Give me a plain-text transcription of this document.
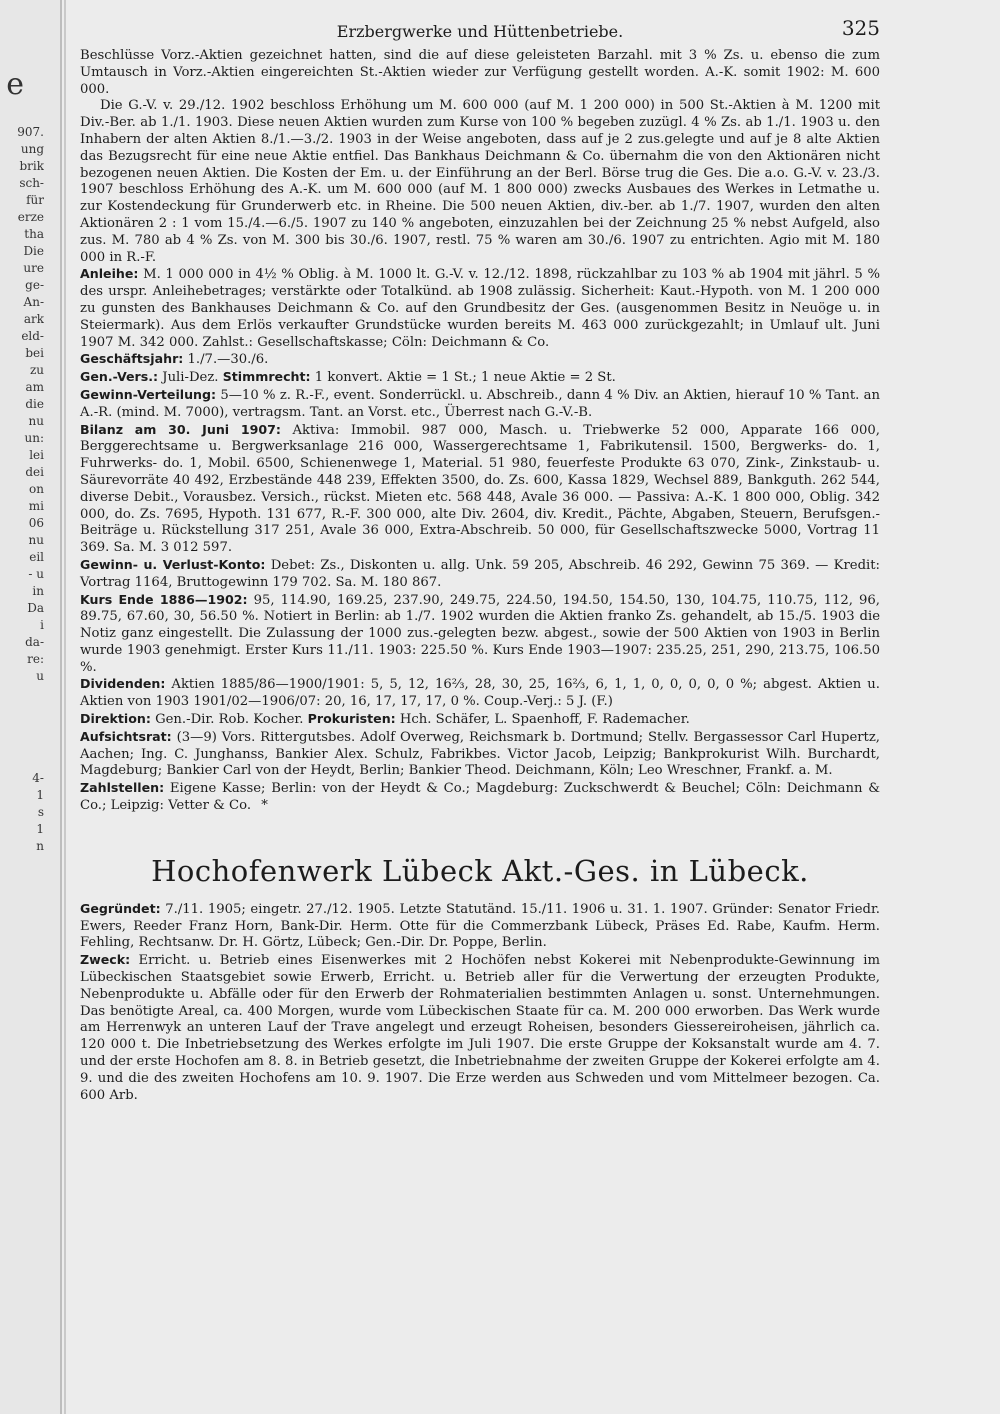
e
907.
ung
brik
sch-
für
erze
tha
Die
ure
ge-
An-
ark
eld-
bei
zu
am
die
nu
un:
lei
dei
on
mi
06
nu
eil
- u
in
Da
i
da-
re:
u
4-
1
s
1
n
Erzbergwerke und Hüttenbetriebe.	325

Beschlüsse Vorz.-Aktien gezeichnet hatten, sind die auf diese geleisteten Barzahl. mit 3 % Zs. u. ebenso die zum Umtausch in Vorz.-Aktien eingereichten St.-Aktien wieder zur Verfügung gestellt worden. A.-K. somit 1902: M. 600 000.

Die G.-V. v. 29./12. 1902 beschloss Erhöhung um M. 600 000 (auf M. 1 200 000) in 500 St.-Aktien à M. 1200 mit Div.-Ber. ab 1./1. 1903. Diese neuen Aktien wurden zum Kurse von 100 % begeben zuzügl. 4 % Zs. ab 1./1. 1903 u. den Inhabern der alten Aktien 8./1.—3./2. 1903 in der Weise angeboten, dass auf je 2 zus.gelegte und auf je 8 alte Aktien das Bezugsrecht für eine neue Aktie entfiel. Das Bankhaus Deichmann & Co. übernahm die von den Aktionären nicht bezogenen neuen Aktien. Die Kosten der Em. u. der Einführung an der Berl. Börse trug die Ges. Die a.o. G.-V. v. 23./3. 1907 beschloss Erhöhung des A.-K. um M. 600 000 (auf M. 1 800 000) zwecks Ausbaues des Werkes in Letmathe u. zur Kostendeckung für Grunderwerb etc. in Rheine. Die 500 neuen Aktien, div.-ber. ab 1./7. 1907, wurden den alten Aktionären 2 : 1 vom 15./4.—6./5. 1907 zu 140 % angeboten, einzuzahlen bei der Zeichnung 25 % nebst Aufgeld, also zus. M. 780 ab 4 % Zs. von M. 300 bis 30./6. 1907, restl. 75 % waren am 30./6. 1907 zu entrichten. Agio mit M. 180 000 in R.-F.

Anleihe: M. 1 000 000 in 4½ % Oblig. à M. 1000 lt. G.-V. v. 12./12. 1898, rückzahlbar zu 103 % ab 1904 mit jährl. 5 % des urspr. Anleihebetrages; verstärkte oder Totalkünd. ab 1908 zulässig. Sicherheit: Kaut.-Hypoth. von M. 1 200 000 zu gunsten des Bankhauses Deichmann & Co. auf den Grundbesitz der Ges. (ausgenommen Besitz in Neuöge u. in Steiermark). Aus dem Erlös verkaufter Grundstücke wurden bereits M. 463 000 zurückgezahlt; in Umlauf ult. Juni 1907 M. 342 000. Zahlst.: Gesellschaftskasse; Cöln: Deichmann & Co.

Geschäftsjahr: 1./7.—30./6.

Gen.-Vers.: Juli-Dez. Stimmrecht: 1 konvert. Aktie = 1 St.; 1 neue Aktie = 2 St.

Gewinn-Verteilung: 5—10 % z. R.-F., event. Sonderrückl. u. Abschreib., dann 4 % Div. an Aktien, hierauf 10 % Tant. an A.-R. (mind. M. 7000), vertragsm. Tant. an Vorst. etc., Überrest nach G.-V.-B.

Bilanz am 30. Juni 1907: Aktiva: Immobil. 987 000, Masch. u. Triebwerke 52 000, Apparate 166 000, Berggerechtsame u. Bergwerksanlage 216 000, Wassergerechtsame 1, Fabrikutensil. 1500, Bergwerks- do. 1, Fuhrwerks- do. 1, Mobil. 6500, Schienenwege 1, Material. 51 980, feuerfeste Produkte 63 070, Zink-, Zinkstaub- u. Säurevorräte 40 492, Erzbestände 448 239, Effekten 3500, do. Zs. 600, Kassa 1829, Wechsel 889, Bankguth. 262 544, diverse Debit., Vorausbez. Versich., rückst. Mieten etc. 568 448, Avale 36 000. — Passiva: A.-K. 1 800 000, Oblig. 342 000, do. Zs. 7695, Hypoth. 131 677, R.-F. 300 000, alte Div. 2604, div. Kredit., Pächte, Abgaben, Steuern, Berufsgen.-Beiträge u. Rückstellung 317 251, Avale 36 000, Extra-Abschreib. 50 000, für Gesellschaftszwecke 5000, Vortrag 11 369. Sa. M. 3 012 597.

Gewinn- u. Verlust-Konto: Debet: Zs., Diskonten u. allg. Unk. 59 205, Abschreib. 46 292, Gewinn 75 369. — Kredit: Vortrag 1164, Bruttogewinn 179 702. Sa. M. 180 867.

Kurs Ende 1886—1902: 95, 114.90, 169.25, 237.90, 249.75, 224.50, 194.50, 154.50, 130, 104.75, 110.75, 112, 96, 89.75, 67.60, 30, 56.50 %. Notiert in Berlin: ab 1./7. 1902 wurden die Aktien franko Zs. gehandelt, ab 15./5. 1903 die Notiz ganz eingestellt. Die Zulassung der 1000 zus.-gelegten bezw. abgest., sowie der 500 Aktien von 1903 in Berlin wurde 1903 genehmigt. Erster Kurs 11./11. 1903: 225.50 %. Kurs Ende 1903—1907: 235.25, 251, 290, 213.75, 106.50 %.

Dividenden: Aktien 1885/86—1900/1901: 5, 5, 12, 16⅔, 28, 30, 25, 16⅔, 6, 1, 1, 0, 0, 0, 0, 0 %; abgest. Aktien u. Aktien von 1903 1901/02—1906/07: 20, 16, 17, 17, 17, 0 %. Coup.-Verj.: 5 J. (F.)

Direktion: Gen.-Dir. Rob. Kocher. Prokuristen: Hch. Schäfer, L. Spaenhoff, F. Rademacher.

Aufsichtsrat: (3—9) Vors. Rittergutsbes. Adolf Overweg, Reichsmark b. Dortmund; Stellv. Bergassessor Carl Hupertz, Aachen; Ing. C. Junghanss, Bankier Alex. Schulz, Fabrikbes. Victor Jacob, Leipzig; Bankprokurist Wilh. Burchardt, Magdeburg; Bankier Carl von der Heydt, Berlin; Bankier Theod. Deichmann, Köln; Leo Wreschner, Frankf. a. M.

Zahlstellen: Eigene Kasse; Berlin: von der Heydt & Co.; Magdeburg: Zuckschwerdt & Beuchel; Cöln: Deichmann & Co.; Leipzig: Vetter & Co. *

Hochofenwerk Lübeck Akt.-Ges. in Lübeck.

Gegründet: 7./11. 1905; eingetr. 27./12. 1905. Letzte Statutänd. 15./11. 1906 u. 31. 1. 1907. Gründer: Senator Friedr. Ewers, Reeder Franz Horn, Bank-Dir. Herm. Otte für die Commerzbank Lübeck, Präses Ed. Rabe, Kaufm. Herm. Fehling, Rechtsanw. Dr. H. Görtz, Lübeck; Gen.-Dir. Dr. Poppe, Berlin.

Zweck: Erricht. u. Betrieb eines Eisenwerkes mit 2 Hochöfen nebst Kokerei mit Nebenprodukte-Gewinnung im Lübeckischen Staatsgebiet sowie Erwerb, Erricht. u. Betrieb aller für die Verwertung der erzeugten Produkte, Nebenprodukte u. Abfälle oder für den Erwerb der Rohmaterialien bestimmten Anlagen u. sonst. Unternehmungen. Das benötigte Areal, ca. 400 Morgen, wurde vom Lübeckischen Staate für ca. M. 200 000 erworben. Das Werk wurde am Herrenwyk an unteren Lauf der Trave angelegt und erzeugt Roheisen, besonders Giessereiroheisen, jährlich ca. 120 000 t. Die Inbetriebsetzung des Werkes erfolgte im Juli 1907. Die erste Gruppe der Koksanstalt wurde am 4. 7. und der erste Hochofen am 8. 8. in Betrieb gesetzt, die Inbetriebnahme der zweiten Gruppe der Kokerei erfolgte am 4. 9. und die des zweiten Hochofens am 10. 9. 1907. Die Erze werden aus Schweden und vom Mittelmeer bezogen. Ca. 600 Arb.
